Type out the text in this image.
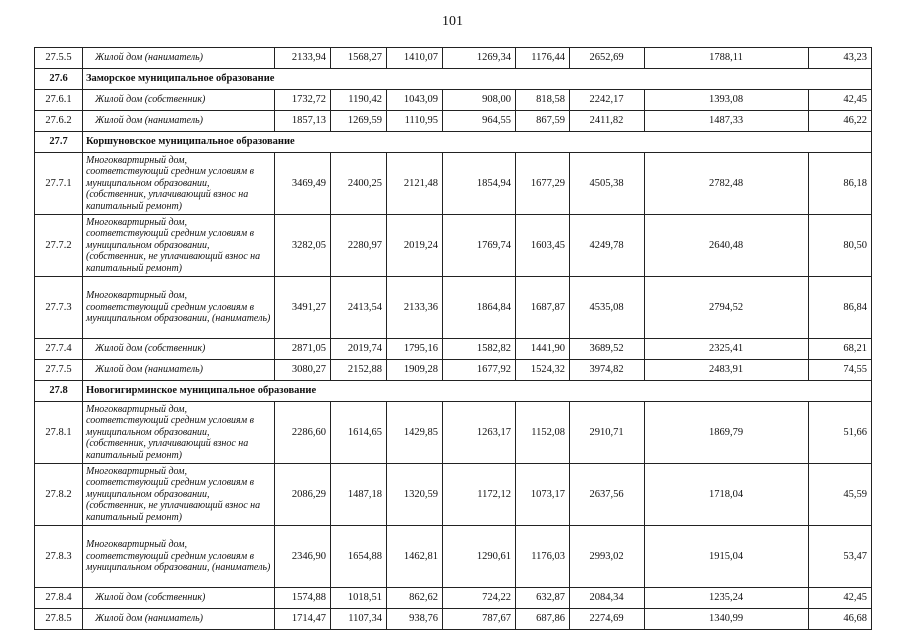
101
27.5.5	Жилой дом (наниматель)	2133,94	1568,27	1410,07	1269,34	1176,44	2652,69	1788,11	43,23
27.6	Заморское муниципальное образование								
27.6.1	Жилой дом (собственник)	1732,72	1190,42	1043,09	908,00	818,58	2242,17	1393,08	42,45
27.6.2	Жилой дом (наниматель)	1857,13	1269,59	1110,95	964,55	867,59	2411,82	1487,33	46,22
27.7	Коршуновское муниципальное образование								
27.7.1	Многоквартирный дом, соответствующий средним условиям в муниципальном образовании, (собственник, уплачивающий взнос на капитальный ремонт)	3469,49	2400,25	2121,48	1854,94	1677,29	4505,38	2782,48	86,18
27.7.2	Многоквартирный дом, соответствующий средним условиям в муниципальном образовании, (собственник, не уплачивающий взнос на капитальный ремонт)	3282,05	2280,97	2019,24	1769,74	1603,45	4249,78	2640,48	80,50
27.7.3	Многоквартирный дом, соответствующий средним условиям в муниципальном образовании, (наниматель)	3491,27	2413,54	2133,36	1864,84	1687,87	4535,08	2794,52	86,84
27.7.4	Жилой дом (собственник)	2871,05	2019,74	1795,16	1582,82	1441,90	3689,52	2325,41	68,21
27.7.5	Жилой дом (наниматель)	3080,27	2152,88	1909,28	1677,92	1524,32	3974,82	2483,91	74,55
27.8	Новогигирминское муниципальное образование								
27.8.1	Многоквартирный дом, соответствующий средним условиям в муниципальном образовании, (собственник, уплачивающий взнос на капитальный ремонт)	2286,60	1614,65	1429,85	1263,17	1152,08	2910,71	1869,79	51,66
27.8.2	Многоквартирный дом, соответствующий средним условиям в муниципальном образовании, (собственник, не уплачивающий взнос на капитальный ремонт)	2086,29	1487,18	1320,59	1172,12	1073,17	2637,56	1718,04	45,59
27.8.3	Многоквартирный дом, соответствующий средним условиям в муниципальном образовании, (наниматель)	2346,90	1654,88	1462,81	1290,61	1176,03	2993,02	1915,04	53,47
27.8.4	Жилой дом (собственник)	1574,88	1018,51	862,62	724,22	632,87	2084,34	1235,24	42,45
27.8.5	Жилой дом (наниматель)	1714,47	1107,34	938,76	787,67	687,86	2274,69	1340,99	46,68
